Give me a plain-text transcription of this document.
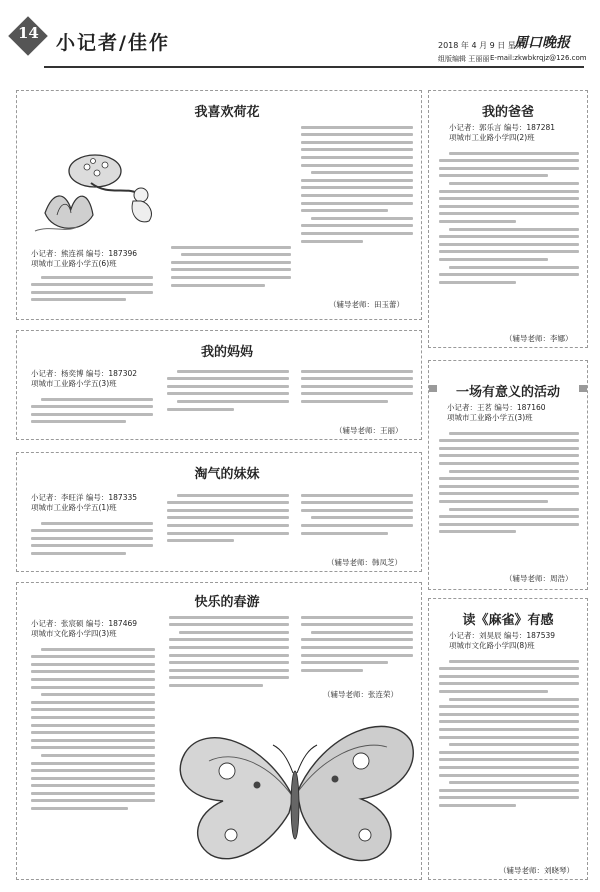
14 小记者/佳作	2018 年 4 月 9 日 星期一
周口晚报
组版编辑 王丽丽 E-mail:zkwbkrqjz@126.com
我喜欢荷花
小记者：熊连祺 编号：187396
项城市工业路小学五(6)班
（辅导老师：田玉蕾）
我的妈妈
小记者：杨奕博 编号：187302
项城市工业路小学五(3)班
（辅导老师：王丽）
淘气的妹妹
小记者：李旺洋 编号：187335
项城市工业路小学五(1)班
（辅导老师：韩凤芝）
快乐的春游
小记者：张宸硕 编号：187469
项城市文化路小学四(3)班
（辅导老师：张连荣）
我的爸爸
小记者：郭乐言 编号：187281
项城市工业路小学四(2)班
（辅导老师：李娜）
一场有意义的活动
小记者：王茗 编号：187160
项城市工业路小学五(3)班
（辅导老师：周浩）
读《麻雀》有感
小记者：刘昊辰 编号：187539
项城市文化路小学四(8)班
（辅导老师：刘晓琴）
